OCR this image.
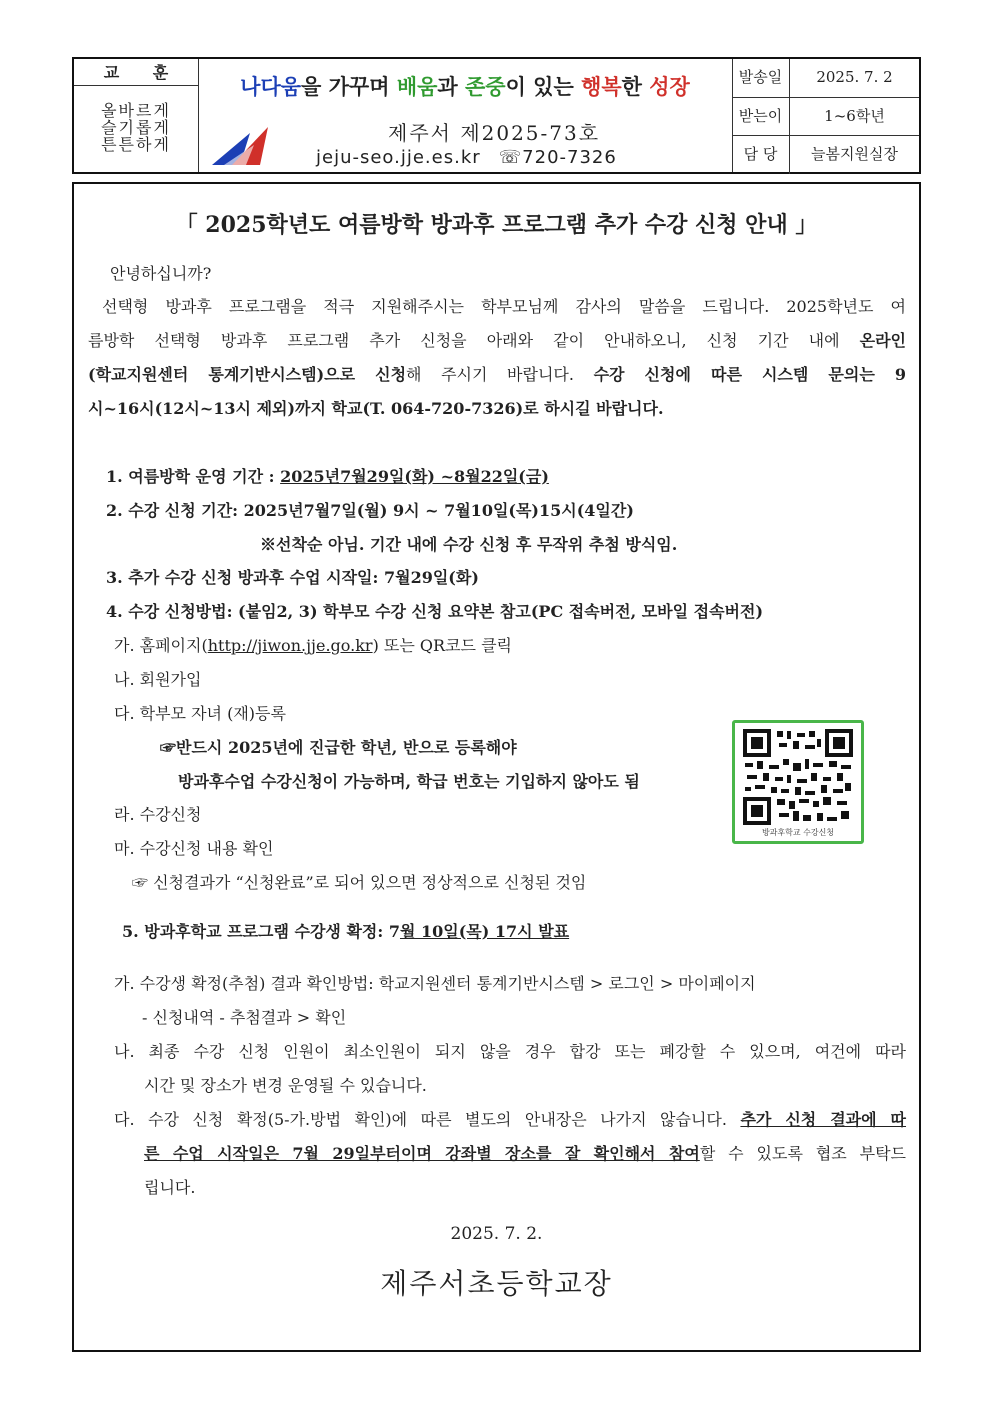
교 훈
올바르게
슬기롭게
튼튼하게
나다움을 가꾸며 배움과 존중이 있는 행복한 성장
제주서 제2025-73호
jeju-seo.jje.es.kr ☏720-7326
발송일	2025. 7. 2
받는이	1~6학년
담 당	늘봄지원실장
「 2025학년도 여름방학 방과후 프로그램 추가 수강 신청 안내 」
안녕하십니까?
선택형 방과후 프로그램을 적극 지원해주시는 학부모님께 감사의 말씀을 드립니다. 2025학년도 여
름방학 선택형 방과후 프로그램 추가 신청을 아래와 같이 안내하오니, 신청 기간 내에 온라인
(학교지원센터 통계기반시스템)으로 신청해 주시기 바랍니다. 수강 신청에 따른 시스템 문의는 9
시~16시(12시~13시 제외)까지 학교(T. 064-720-7326)로 하시길 바랍니다.
1. 여름방학 운영 기간 : 2025년7월29일(화) ~8월22일(금)
2. 수강 신청 기간: 2025년7월7일(월) 9시 ~ 7월10일(목)15시(4일간)
※선착순 아님. 기간 내에 수강 신청 후 무작위 추첨 방식임.
3. 추가 수강 신청 방과후 수업 시작일: 7월29일(화)
4. 수강 신청방법: (붙임2, 3) 학부모 수강 신청 요약본 참고(PC 접속버전, 모바일 접속버전)
가. 홈페이지(http://jiwon.jje.go.kr) 또는 QR코드 클릭
나. 회원가입
다. 학부모 자녀 (재)등록
☞반드시 2025년에 진급한 학년, 반으로 등록해야
방과후수업 수강신청이 가능하며, 학급 번호는 기입하지 않아도 됨
라. 수강신청
마. 수강신청 내용 확인
☞ 신청결과가 “신청완료”로 되어 있으면 정상적으로 신청된 것임
방과후학교 수강신청
5. 방과후학교 프로그램 수강생 확정: 7월 10일(목) 17시 발표
가. 수강생 확정(추첨) 결과 확인방법: 학교지원센터 통계기반시스템 > 로그인 > 마이페이지
- 신청내역 - 추첨결과 > 확인
나. 최종 수강 신청 인원이 최소인원이 되지 않을 경우 합강 또는 폐강할 수 있으며, 여건에 따라
시간 및 장소가 변경 운영될 수 있습니다.
다. 수강 신청 확정(5-가.방법 확인)에 따른 별도의 안내장은 나가지 않습니다. 추가 신청 결과에 따
른 수업 시작일은 7월 29일부터이며 강좌별 장소를 잘 확인해서 참여할 수 있도록 협조 부탁드
립니다.
2025. 7. 2.
제주서초등학교장
